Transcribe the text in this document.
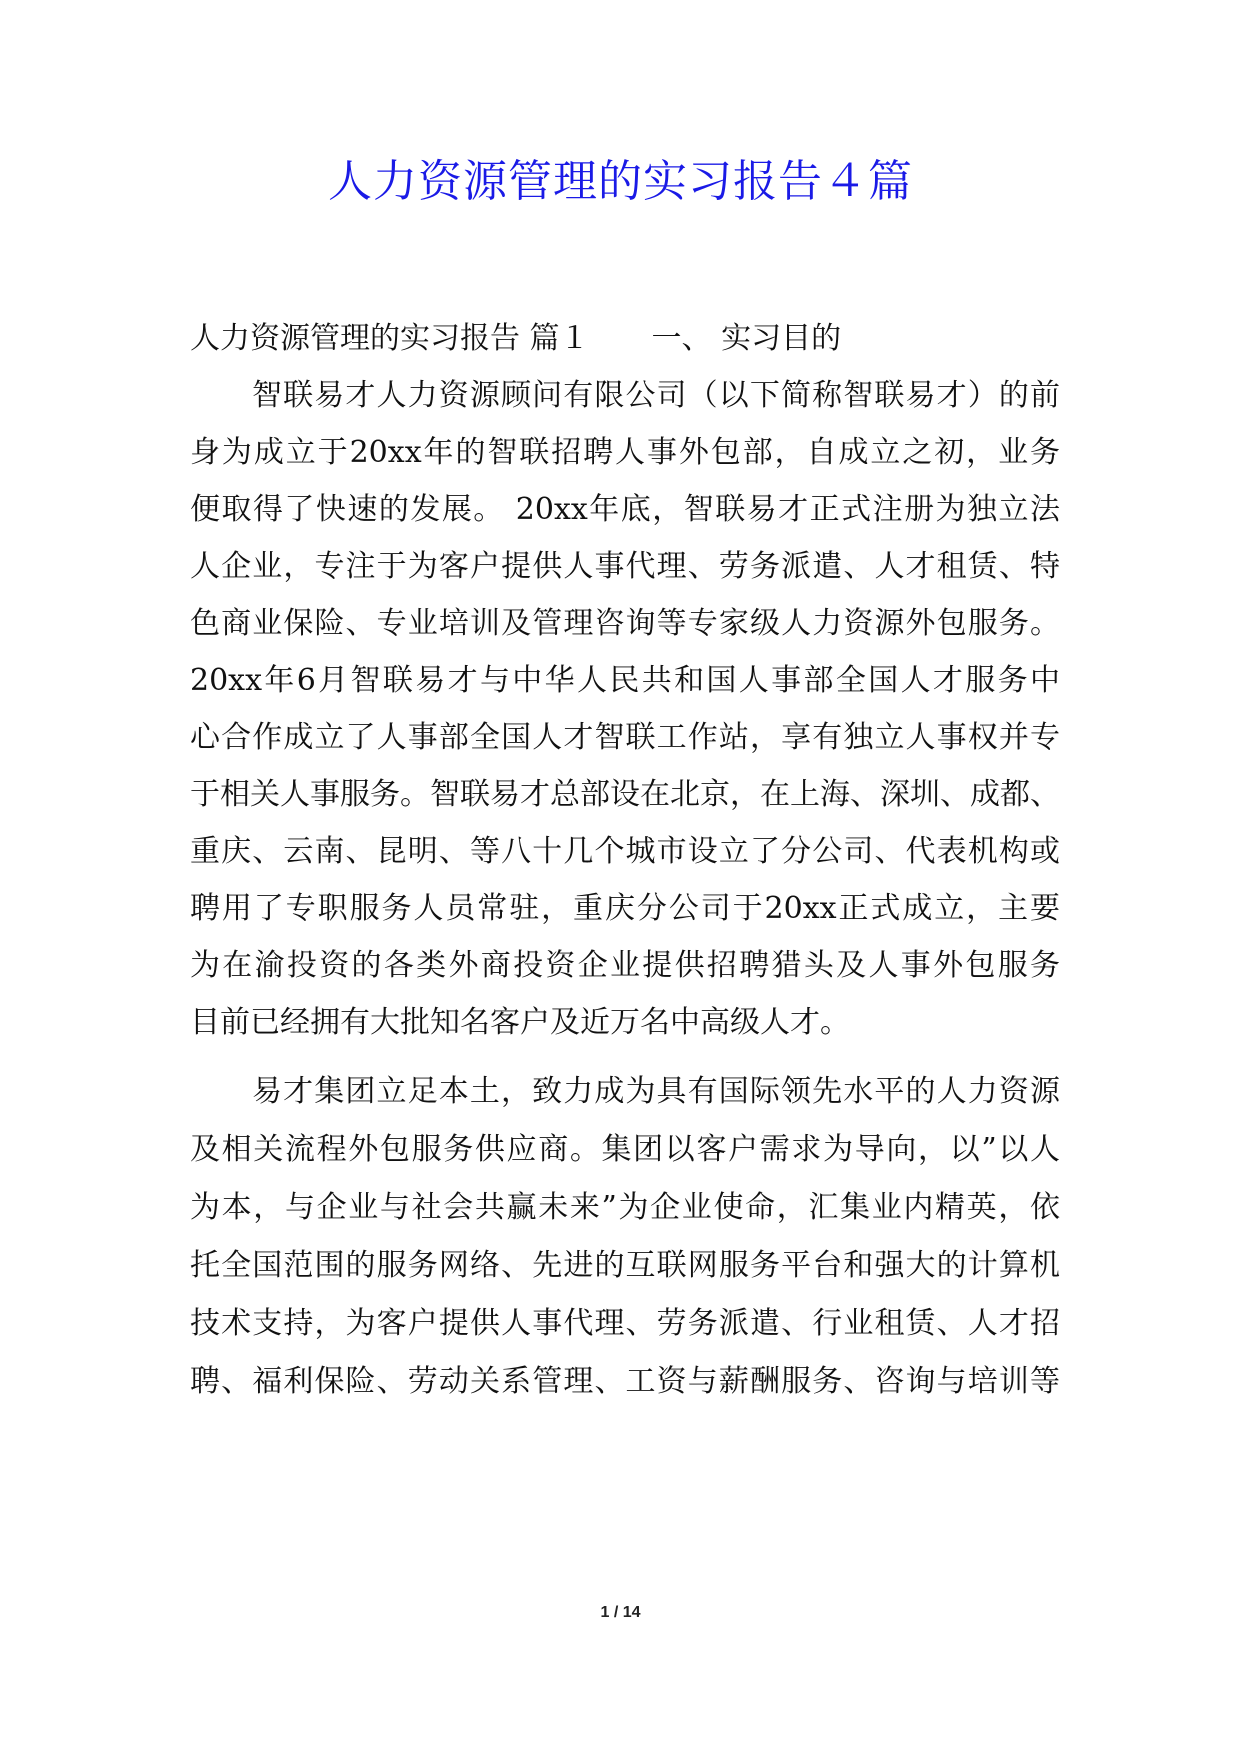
人力资源管理的实习报告４篇
人力资源管理的实习报告 篇１ 一、 实习目的
智联易才人力资源顾问有限公司（以下简称智联易才）的前
身为成立于20xx年的智联招聘人事外包部，自成立之初，业务
便取得了快速的发展。 20xx年底，智联易才正式注册为独立法
人企业，专注于为客户提供人事代理、劳务派遣、人才租赁、特
色商业保险、专业培训及管理咨询等专家级人力资源外包服务。
20xx年6月智联易才与中华人民共和国人事部全国人才服务中
心合作成立了人事部全国人才智联工作站，享有独立人事权并专
于相关人事服务。智联易才总部设在北京，在上海、深圳、成都、
重庆、云南、昆明、等八十几个城市设立了分公司、代表机构或
聘用了专职服务人员常驻，重庆分公司于20xx正式成立，主要
为在渝投资的各类外商投资企业提供招聘猎头及人事外包服务
目前已经拥有大批知名客户及近万名中高级人才。
易才集团立足本土，致力成为具有国际领先水平的人力资源
及相关流程外包服务供应商。集团以客户需求为导向，以”以人
为本，与企业与社会共赢未来”为企业使命，汇集业内精英，依
托全国范围的服务网络、先进的互联网服务平台和强大的计算机
技术支持，为客户提供人事代理、劳务派遣、行业租赁、人才招
聘、福利保险、劳动关系管理、工资与薪酬服务、咨询与培训等
1 / 14
